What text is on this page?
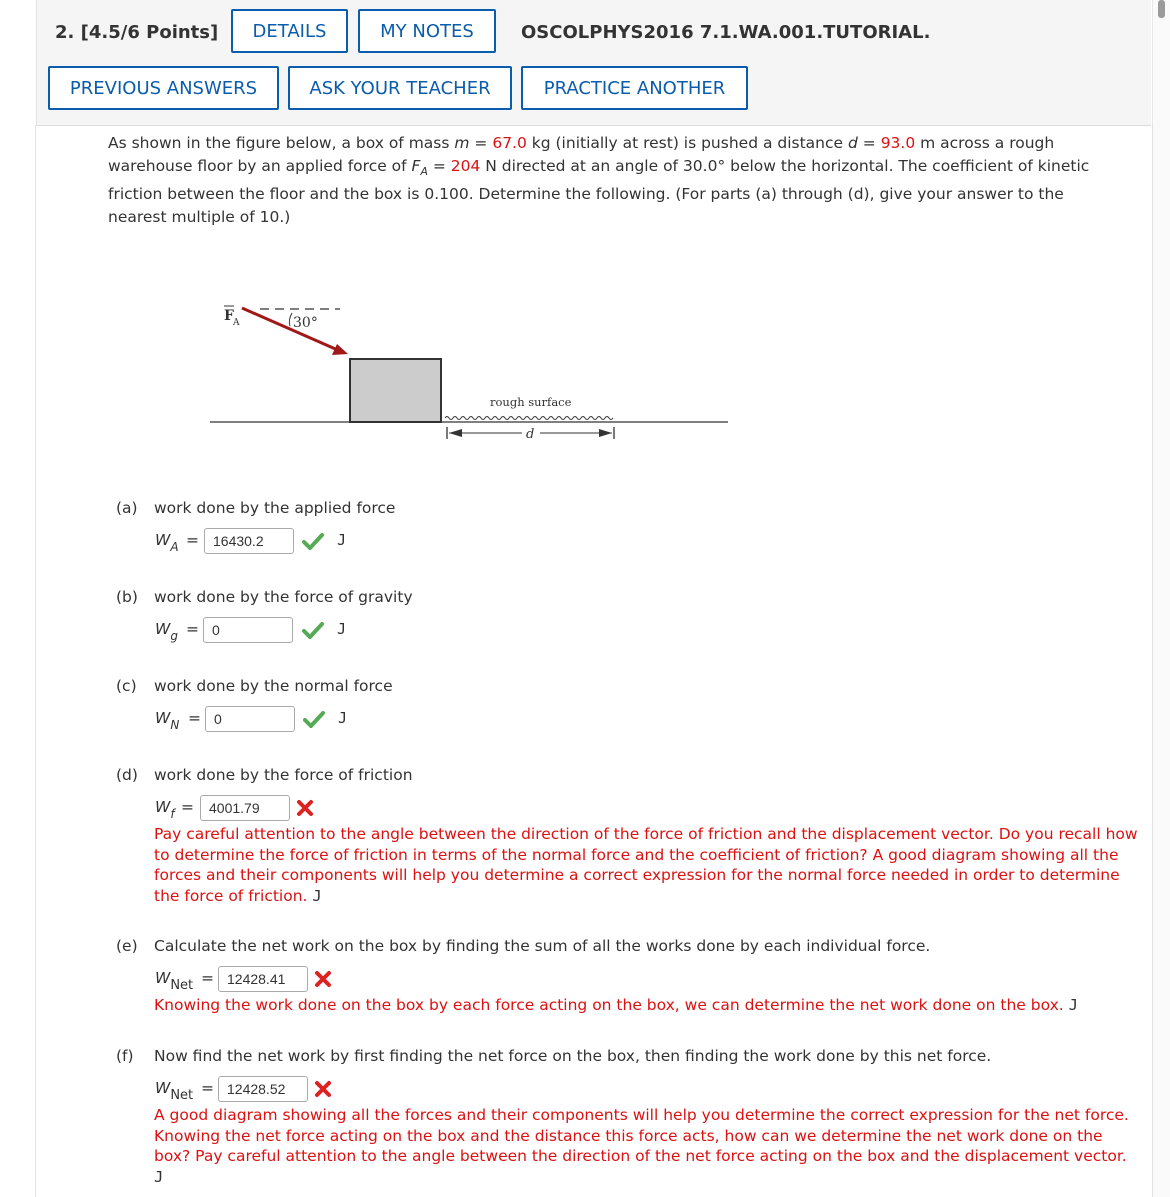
2. [4.5/6 Points]	DETAILS	MY NOTES	OSCOLPHYS2016 7.1.WA.001.TUTORIAL.
PREVIOUS ANSWERS	ASK YOUR TEACHER	PRACTICE ANOTHER
As shown in the figure below, a box of mass m = 67.0 kg (initially at rest) is pushed a distance d = 93.0 m across a rough warehouse floor by an applied force of $F_A = 204$ N directed at an angle of 30.0° below the horizontal. The coefficient of kinetic friction between the floor and the box is 0.100. Determine the following. (For parts (a) through (d), give your answer to the nearest multiple of 10.)
F A	30°
rough surface
d
(a) work done by the applied force
$W_A$ =	16430.2	J
(b) work done by the force of gravity
$W_g = 0$	J
(c) work done by the normal force
$W_N = 0$	J
(d) work done by the force of friction
$W_f$ =	4001.79
Pay careful attention to the angle between the direction of the force of friction and the displacement vector. Do you recall how to determine the force of friction in terms of the normal force and the coefficient of friction? A good diagram showing all the forces and their components will help you determine a correct expression for the normal force needed in order to determine the force of friction. J
(e) Calculate the net work on the box by finding the sum of all the works done by each individual force.
$W_{Net} = 12428.41$
Knowing the work done on the box by each force acting on the box, we can determine the net work done on the box. J
(f) Now find the net work by first finding the net force on the box, then finding the work done by this net force.
$W_{Net} = 12428.52$
A good diagram showing all the forces and their components will help you determine the correct expression for the net force. Knowing the net force acting on the box and the distance this force acts, how can we determine the net work done on the box? Pay careful attention to the angle between the direction of the net force acting on the box and the displacement vector. J
